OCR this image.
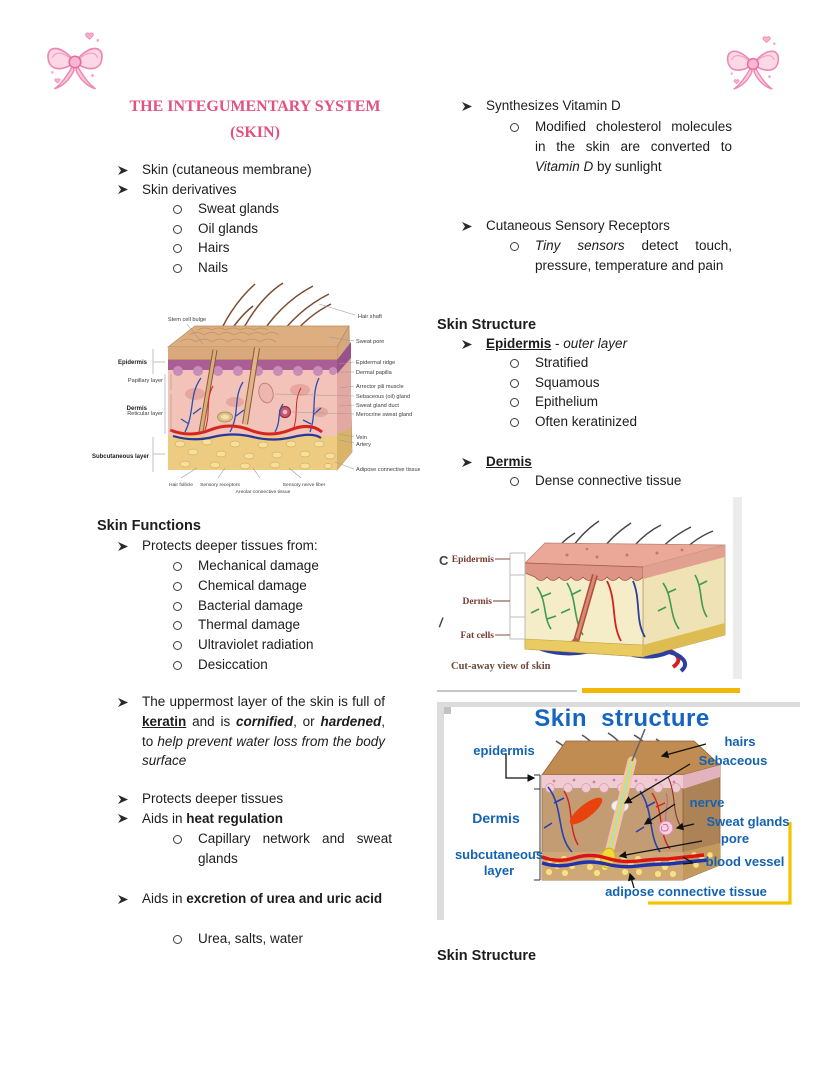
THE INTEGUMENTARY SYSTEM
(SKIN)
Skin (cutaneous membrane)
Skin derivatives
Sweat glands
Oil glands
Hairs
Nails
Stem cell bulge	Hair shaft
Epidermis
Papillary layer
Dermis
Reticular layer
Subcutaneous layer
Sweat pore
Epidermal ridge
Dermal papilla
Arrector pili muscle
Sebaceous (oil) gland
Sweat gland duct
Merocrine sweat gland
Vein
Artery
Adipose connective tissue
Hair follicle Sensory receptors
Areolar connective tissue
Sensory nerve fiber
Skin Functions
Protects deeper tissues from:
Mechanical damage
Chemical damage
Bacterial damage
Thermal damage
Ultraviolet radiation
Desiccation
The uppermost layer of the skin is full of keratin and is cornified, or hardened, to help prevent water loss from the body surface
Protects deeper tissues
Aids in heat regulation
Capillary network and sweat glands
Aids in excretion of urea and uric acid
Urea, salts, water
Synthesizes Vitamin D
Modified cholesterol molecules in the skin are converted to Vitamin D by sunlight
Cutaneous Sensory Receptors
Tiny sensors detect touch, pressure, temperature and pain
Skin Structure
Epidermis - outer layer
Stratified
Squamous
Epithelium
Often keratinized
Dermis
Dense connective tissue
C
/
Epidermis
Dermis
Fat cells
Cut-away view of skin
Skin structure
epidermis
Dermis
subcutaneous layer
hairs
Sebaceous
nerve
Sweat glands
pore
blood vessel
adipose connective tissue
Skin Structure
